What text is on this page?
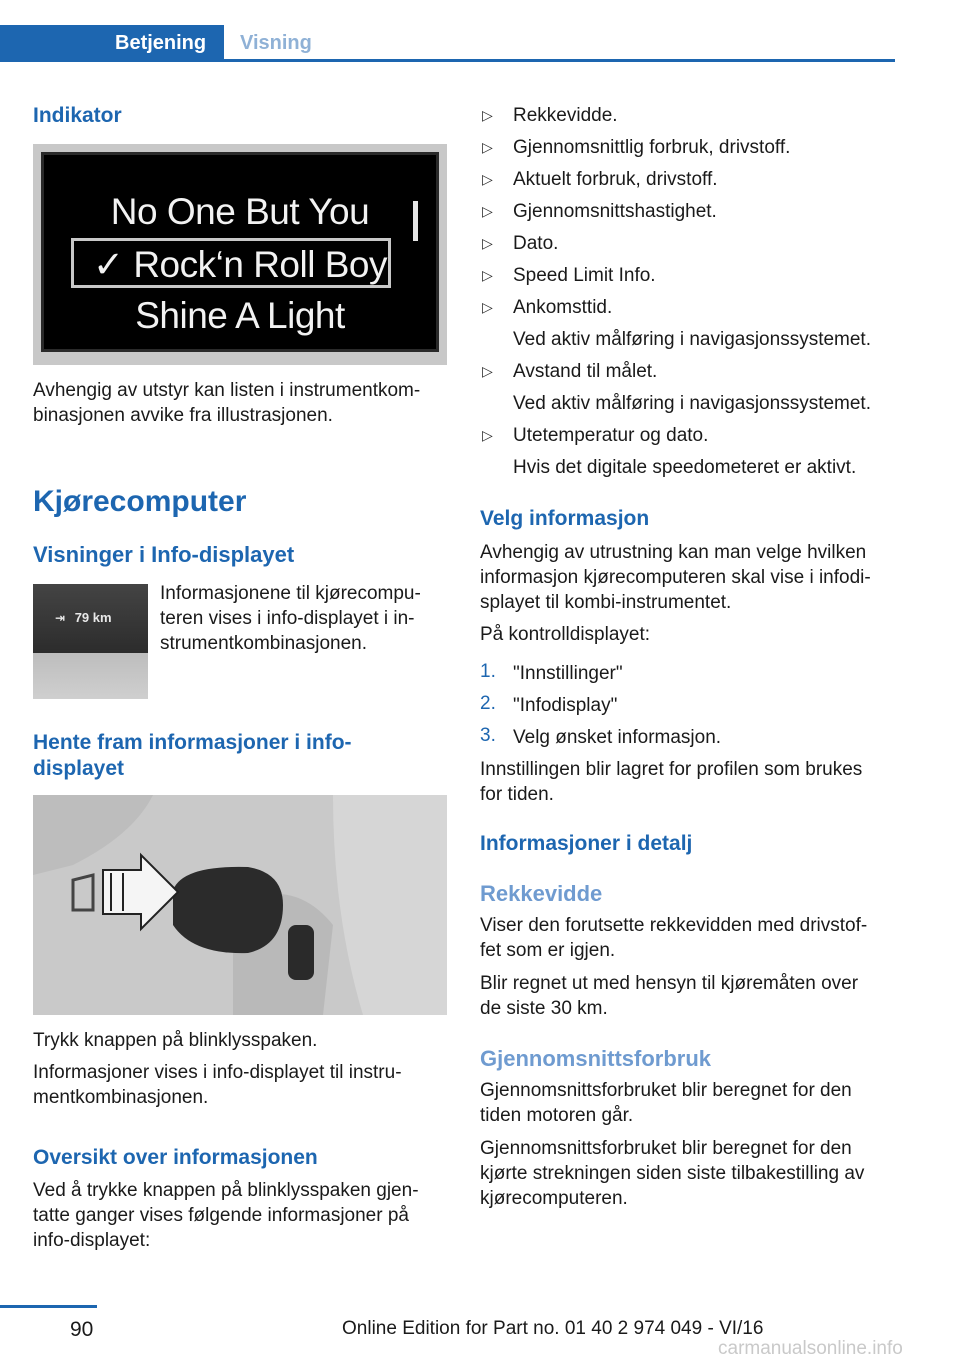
Betjening	Visning
Indikator
No One But You
✓ Rock‘n Roll Boy
Shine A Light
Avhengig av utstyr kan listen i instrumentkom‐
binasjonen avvike fra illustrasjonen.
Kjørecomputer
Visninger i Info-displayet
⇥ 79 km
Informasjonene til kjørecompu‐
teren vises i info-displayet i in‐
strumentkombinasjonen.
Hente fram informasjoner i info-
displayet
Trykk knappen på blinklysspaken.
Informasjoner vises i info-displayet til instru‐
mentkombinasjonen.
Oversikt over informasjonen
Ved å trykke knappen på blinklysspaken gjen‐
tatte ganger vises følgende informasjoner på
info-displayet:
▷ Rekkevidde.
▷ Gjennomsnittlig forbruk, drivstoff.
▷ Aktuelt forbruk, drivstoff.
▷ Gjennomsnittshastighet.
▷ Dato.
▷ Speed Limit Info.
▷ Ankomsttid.
Ved aktiv målføring i navigasjonssystemet.
▷ Avstand til målet.
Ved aktiv målføring i navigasjonssystemet.
▷ Utetemperatur og dato.
Hvis det digitale speedometeret er aktivt.
Velg informasjon
Avhengig av utrustning kan man velge hvilken
informasjon kjørecomputeren skal vise i infodi‐
splayet til kombi-instrumentet.
På kontrolldisplayet:
1. "Innstillinger"
2. "Infodisplay"
3. Velg ønsket informasjon.
Innstillingen blir lagret for profilen som brukes
for tiden.
Informasjoner i detalj
Rekkevidde
Viser den forutsette rekkevidden med drivstof‐
fet som er igjen.
Blir regnet ut med hensyn til kjøremåten over
de siste 30 km.
Gjennomsnittsforbruk
Gjennomsnittsforbruket blir beregnet for den
tiden motoren går.
Gjennomsnittsforbruket blir beregnet for den
kjørte strekningen siden siste tilbakestilling av
kjørecomputeren.
90	Online Edition for Part no. 01 40 2 974 049 - VI/16
carmanualsonline.info
